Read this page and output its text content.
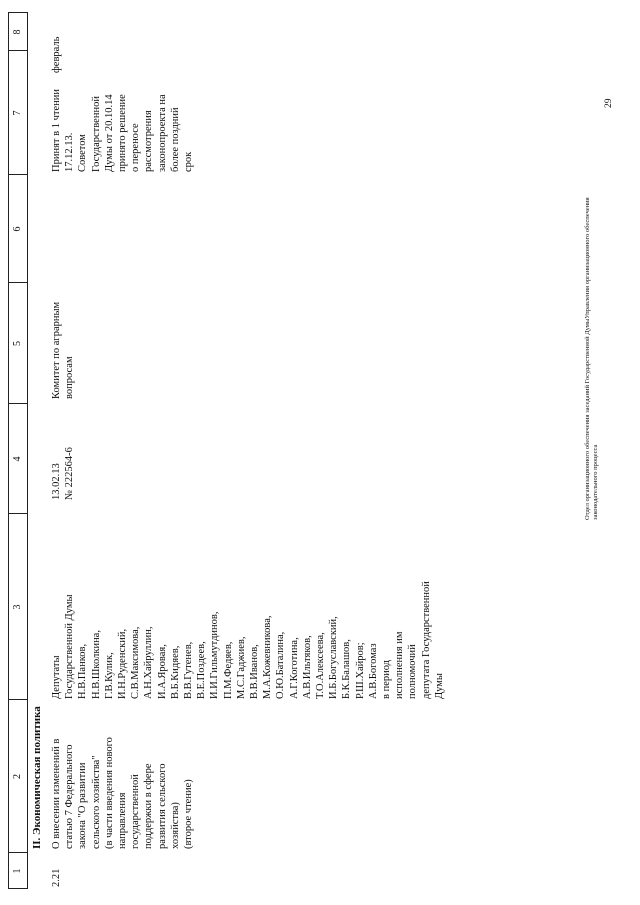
1
2
3
4
5
6
7
8
II. Экономическая политика
2.21
О внесении изменений в статью 7 Федерального закона "О развитии сельского хозяйства" (в части введения нового направления государственной поддержки в сфере развития сельского хозяйства) (второе чтение)
Депутаты Государственной Думы Н.В.Панков, Н.В.Школкина, Г.В.Кулик, И.Н.Руденский, С.В.Максимова, А.Н.Хайруллин, И.А.Яровая, В.Б.Кидяев, В.В.Гутенев, В.Е.Поздеев, И.И.Гильмутдинов, П.М.Федяев, М.С.Гаджиев, В.В.Иванов, М.А.Кожевникова, О.Ю.Баталина, А.Г.Коготина, А.В.Ильтяков, Т.О.Алексеева, И.Б.Богуславский, Б.К.Балашов, Р.Ш.Хайров; А.В.Богомаз в период исполнения им полномочий депутата Государственной Думы
13.02.13 № 222564-6
Комитет по аграрным вопросам
Принят в 1 чтении 17.12.13. Советом Государственной Думы от 20.10.14 принято решение о переносе рассмотрения законопроекта на более поздний срок
февраль
29
Отдел организационного обеспечения заседаний Государственной ДумыУправления организационного обеспечения законодательного процесса
